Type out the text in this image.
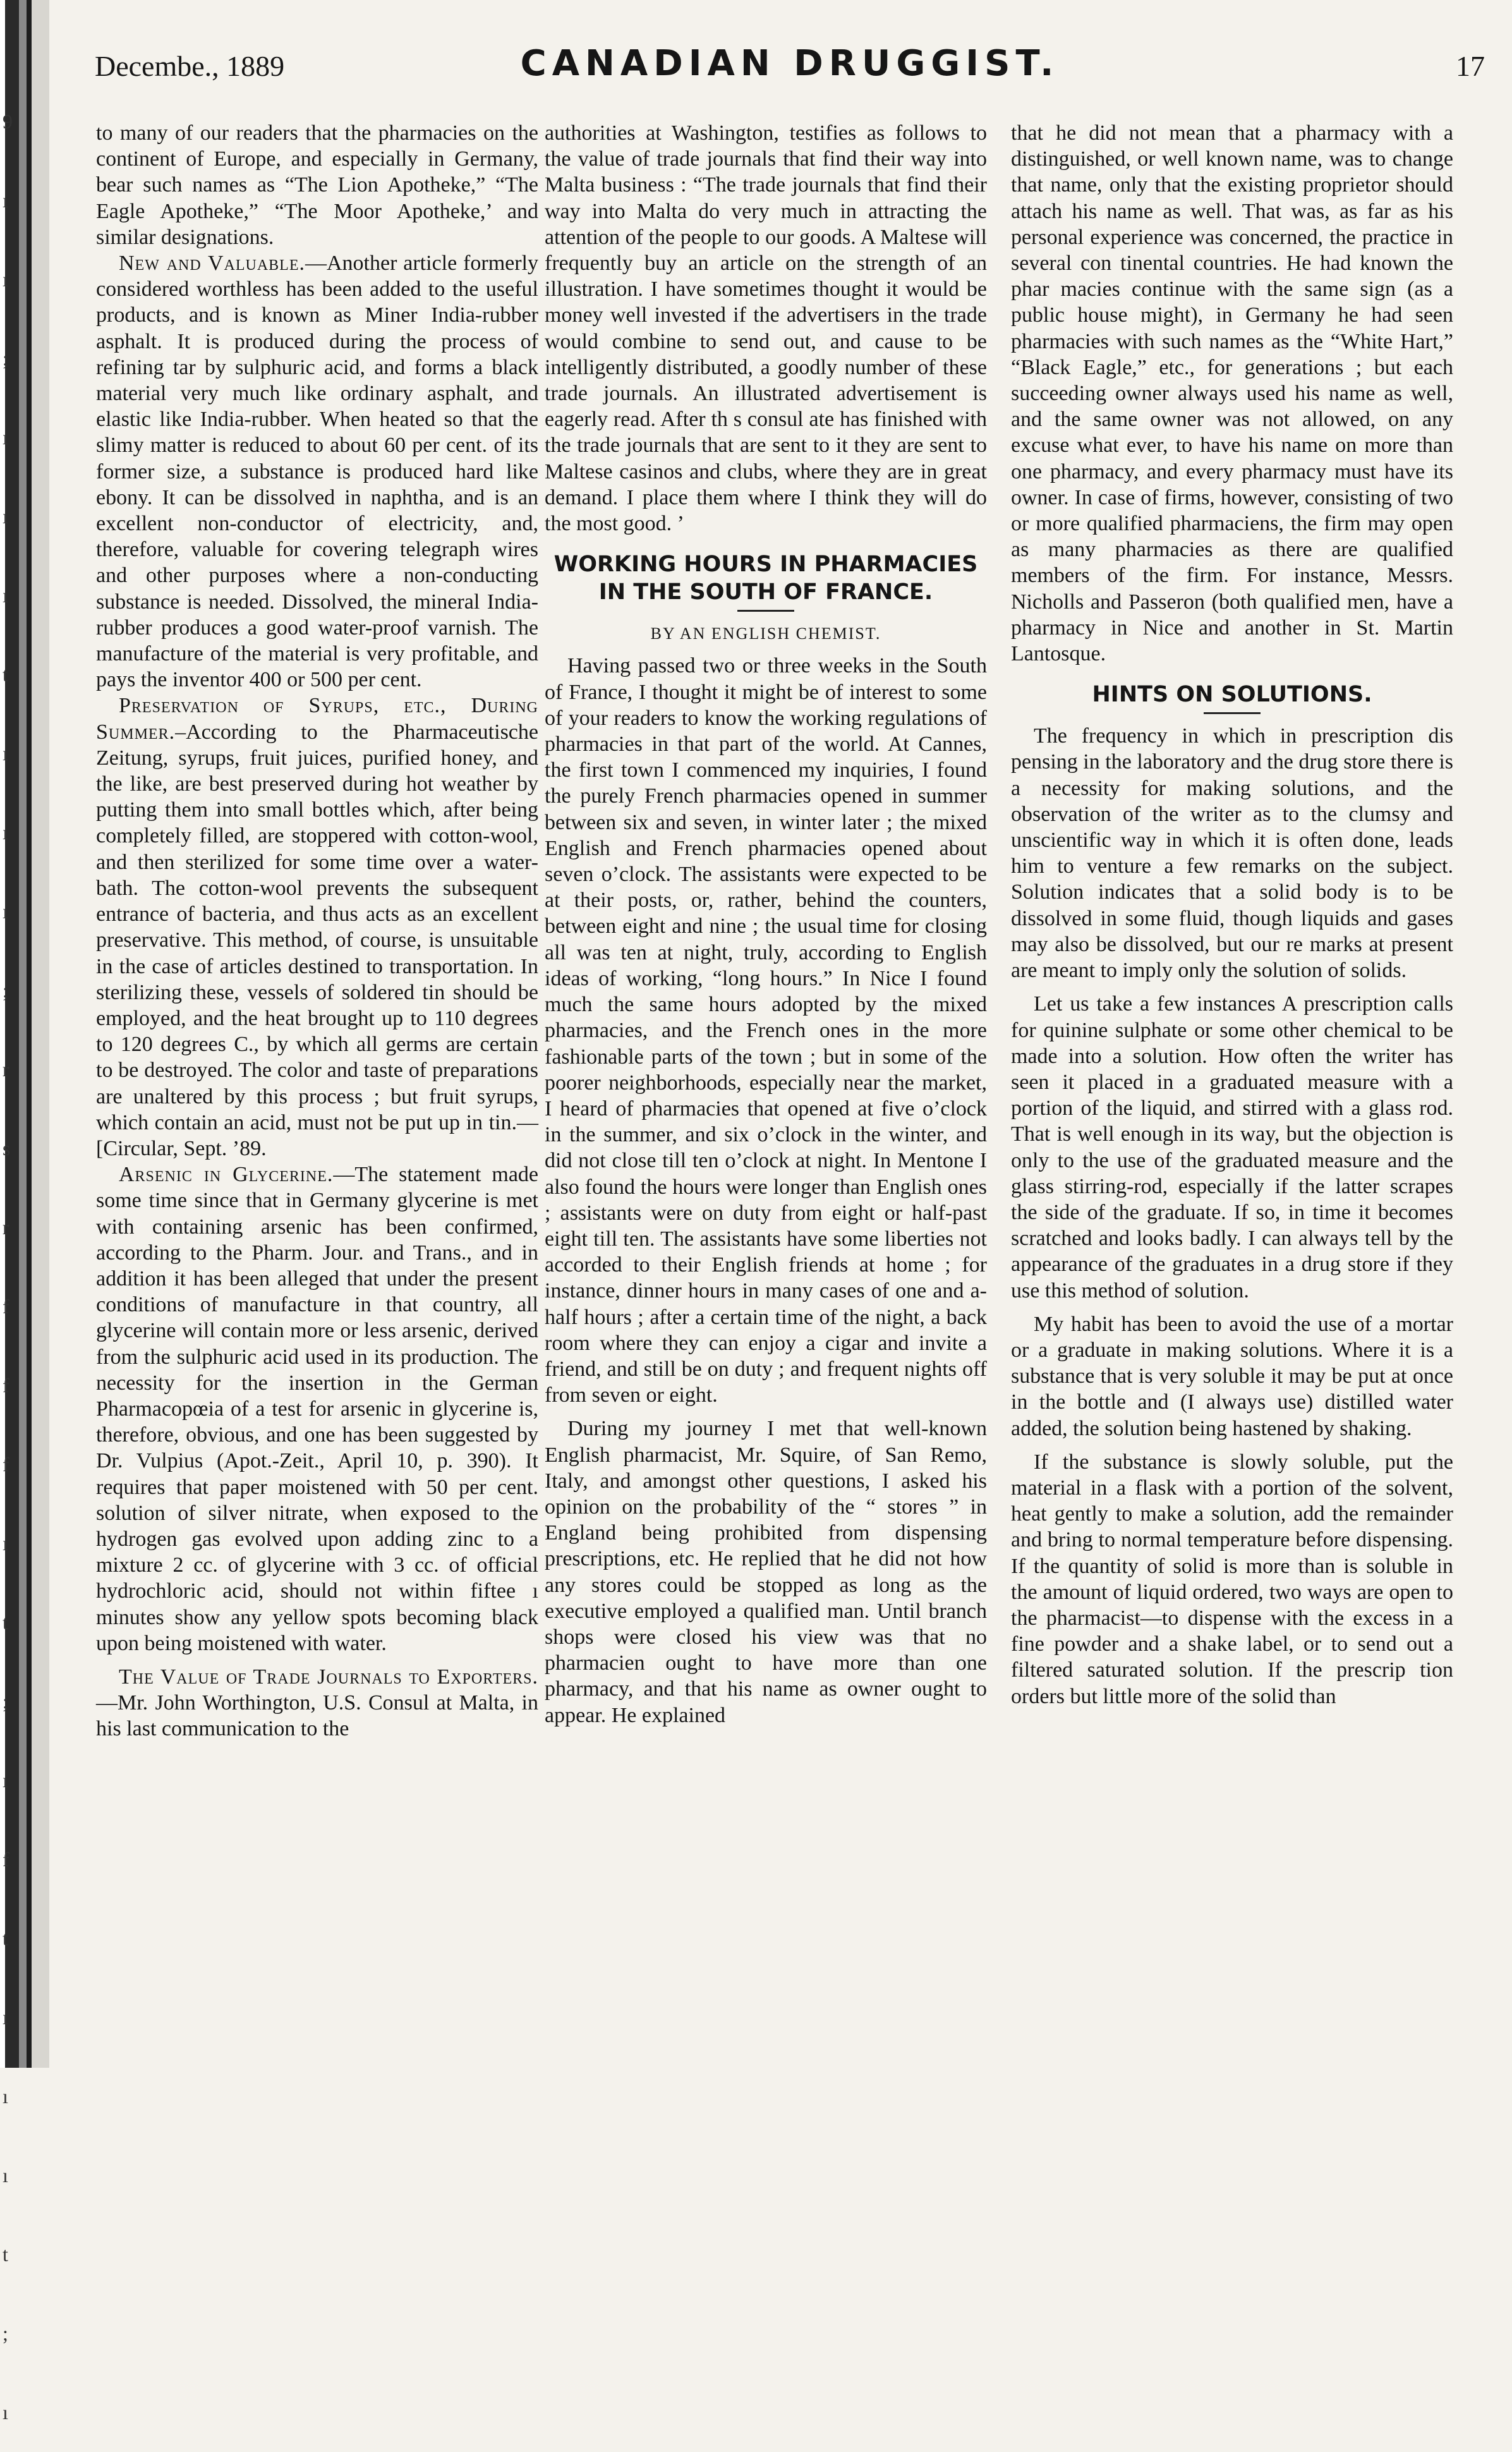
9 ı ı ; ı ı ı t ı ı ı ; r s r f f f ı t ; ı f t ı ı ı t ; ı
Decembe., 1889	CANADIAN DRUGGIST.	17

to many of our readers that the pharmacies on the continent of Europe, and especially in Germany, bear such names as “The Lion Apotheke,” “The Eagle Apotheke,” “The Moor Apotheke,’ and similar designations.

New and Valuable.—Another article formerly considered worthless has been added to the useful products, and is known as Miner India-rubber asphalt. It is produced during the process of refining tar by sulphuric acid, and forms a black material very much like ordinary asphalt, and elastic like India-rubber. When heated so that the slimy matter is reduced to about 60 per cent. of its former size, a substance is produced hard like ebony. It can be dissolved in naphtha, and is an excellent non-conductor of electricity, and, therefore, valuable for covering telegraph wires and other purposes where a non-conducting substance is needed. Dissolved, the mineral India-rubber produces a good water-proof varnish. The manufacture of the material is very profitable, and pays the inventor 400 or 500 per cent.

Preservation of Syrups, etc., During Summer.–According to the Pharmaceutische Zeitung, syrups, fruit juices, purified honey, and the like, are best preserved during hot weather by putting them into small bottles which, after being completely filled, are stoppered with cotton-wool, and then sterilized for some time over a water-bath. The cotton-wool prevents the subsequent entrance of bacteria, and thus acts as an excellent preservative. This method, of course, is unsuitable in the case of articles destined to transportation. In sterilizing these, vessels of soldered tin should be employed, and the heat brought up to 110 degrees to 120 degrees C., by which all germs are certain to be destroyed. The color and taste of preparations are unaltered by this process ; but fruit syrups, which contain an acid, must not be put up in tin.—[Circular, Sept. ’89.

Arsenic in Glycerine.—The statement made some time since that in Germany glycerine is met with containing arsenic has been confirmed, according to the Pharm. Jour. and Trans., and in addition it has been alleged that under the present conditions of manufacture in that country, all glycerine will contain more or less arsenic, derived from the sulphuric acid used in its production. The necessity for the insertion in the German Pharmacopœia of a test for arsenic in glycerine is, therefore, obvious, and one has been suggested by Dr. Vulpius (Apot.-Zeit., April 10, p. 390). It requires that paper moistened with 50 per cent. solution of silver nitrate, when exposed to the hydrogen gas evolved upon adding zinc to a mixture 2 cc. of glycerine with 3 cc. of official hydrochloric acid, should not within fiftee ı minutes show any yellow spots becoming black upon being moistened with water.

The Value of Trade Journals to Exporters.—Mr. John Worthington, U.S. Consul at Malta, in his last communication to the

authorities at Washington, testifies as follows to the value of trade journals that find their way into Malta business : “The trade journals that find their way into Malta do very much in attracting the attention of the people to our goods. A Maltese will frequently buy an article on the strength of an illustration. I have sometimes thought it would be money well invested if the advertisers in the trade would combine to send out, and cause to be intelligently distributed, a goodly number of these trade journals. An illustrated advertisement is eagerly read. After th s consul ate has finished with the trade journals that are sent to it they are sent to Maltese casinos and clubs, where they are in great demand. I place them where I think they will do the most good. ’

WORKING HOURS IN PHARMACIES IN THE SOUTH OF FRANCE.
BY AN ENGLISH CHEMIST.

Having passed two or three weeks in the South of France, I thought it might be of interest to some of your readers to know the working regulations of pharmacies in that part of the world. At Cannes, the first town I commenced my inquiries, I found the purely French pharmacies opened in summer between six and seven, in winter later ; the mixed English and French pharmacies opened about seven o’clock. The assistants were expected to be at their posts, or, rather, behind the counters, between eight and nine ; the usual time for closing all was ten at night, truly, according to English ideas of working, “long hours.” In Nice I found much the same hours adopted by the mixed pharmacies, and the French ones in the more fashionable parts of the town ; but in some of the poorer neighborhoods, especially near the market, I heard of pharmacies that opened at five o’clock in the summer, and six o’clock in the winter, and did not close till ten o’clock at night. In Mentone I also found the hours were longer than English ones ; assistants were on duty from eight or half-past eight till ten. The assistants have some liberties not accorded to their English friends at home ; for instance, dinner hours in many cases of one and a-half hours ; after a certain time of the night, a back room where they can enjoy a cigar and invite a friend, and still be on duty ; and frequent nights off from seven or eight.

During my journey I met that well-known English pharmacist, Mr. Squire, of San Remo, Italy, and amongst other questions, I asked his opinion on the probability of the “ stores ” in England being prohibited from dispensing prescriptions, etc. He replied that he did not how any stores could be stopped as long as the executive employed a qualified man. Until branch shops were closed his view was that no pharmacien ought to have more than one pharmacy, and that his name as owner ought to appear. He explained

that he did not mean that a pharmacy with a distinguished, or well known name, was to change that name, only that the existing proprietor should attach his name as well. That was, as far as his personal experience was concerned, the practice in several con tinental countries. He had known the phar macies continue with the same sign (as a public house might), in Germany he had seen pharmacies with such names as the “White Hart,” “Black Eagle,” etc., for generations ; but each succeeding owner always used his name as well, and the same owner was not allowed, on any excuse what ever, to have his name on more than one pharmacy, and every pharmacy must have its owner. In case of firms, however, consisting of two or more qualified pharmaciens, the firm may open as many pharmacies as there are qualified members of the firm. For instance, Messrs. Nicholls and Passeron (both qualified men, have a pharmacy in Nice and another in St. Martin Lantosque.

HINTS ON SOLUTIONS.

The frequency in which in prescription dis pensing in the laboratory and the drug store there is a necessity for making solutions, and the observation of the writer as to the clumsy and unscientific way in which it is often done, leads him to venture a few remarks on the subject. Solution indicates that a solid body is to be dissolved in some fluid, though liquids and gases may also be dissolved, but our re marks at present are meant to imply only the solution of solids.

Let us take a few instances A prescription calls for quinine sulphate or some other chemical to be made into a solution. How often the writer has seen it placed in a graduated measure with a portion of the liquid, and stirred with a glass rod. That is well enough in its way, but the objection is only to the use of the graduated measure and the glass stirring-rod, especially if the latter scrapes the side of the graduate. If so, in time it becomes scratched and looks badly. I can always tell by the appearance of the graduates in a drug store if they use this method of solution.

My habit has been to avoid the use of a mortar or a graduate in making solutions. Where it is a substance that is very soluble it may be put at once in the bottle and (I always use) distilled water added, the solution being hastened by shaking.

If the substance is slowly soluble, put the material in a flask with a portion of the solvent, heat gently to make a solution, add the remainder and bring to normal temperature before dispensing. If the quantity of solid is more than is soluble in the amount of liquid ordered, two ways are open to the pharmacist—to dispense with the excess in a fine powder and a shake label, or to send out a filtered saturated solution. If the prescrip tion orders but little more of the solid than
